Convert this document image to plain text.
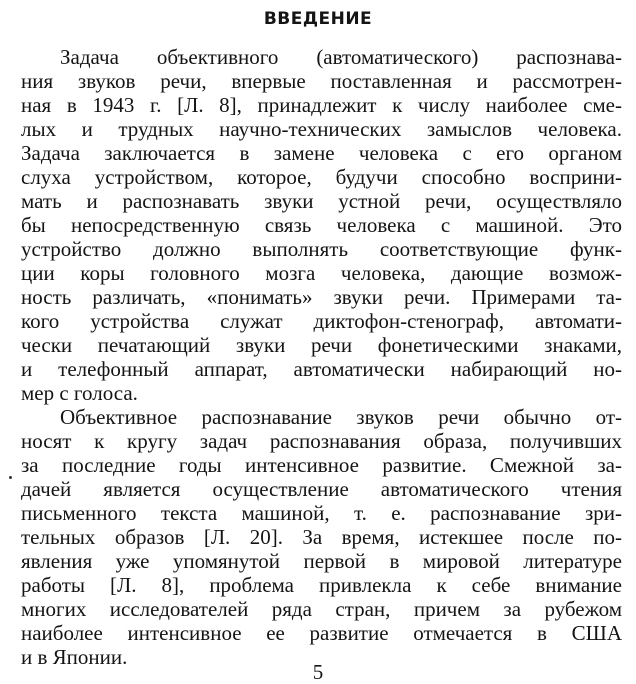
ВВЕДЕНИЕ
Задача объективного (автоматического) распознава-
ния звуков речи, впервые поставленная и рассмотрен-
ная в 1943 г. [Л. 8], принадлежит к числу наиболее сме-
лых и трудных научно-технических замыслов человека.
Задача заключается в замене человека с его органом
слуха устройством, которое, будучи способно восприни-
мать и распознавать звуки устной речи, осуществляло
бы непосредственную связь человека с машиной. Это
устройство должно выполнять соответствующие функ-
ции коры головного мозга человека, дающие возмож-
ность различать, «понимать» звуки речи. Примерами та-
кого устройства служат диктофон-стенограф, автомати-
чески печатающий звуки речи фонетическими знаками,
и телефонный аппарат, автоматически набирающий но-
мер с голоса.
Объективное распознавание звуков речи обычно от-
носят к кругу задач распознавания образа, получивших
за последние годы интенсивное развитие. Смежной за-
дачей является осуществление автоматического чтения
письменного текста машиной, т. е. распознавание зри-
тельных образов [Л. 20]. За время, истекшее после по-
явления уже упомянутой первой в мировой литературе
работы [Л. 8], проблема привлекла к себе внимание
многих исследователей ряда стран, причем за рубежом
наиболее интенсивное ее развитие отмечается в США
и в Японии.
5
